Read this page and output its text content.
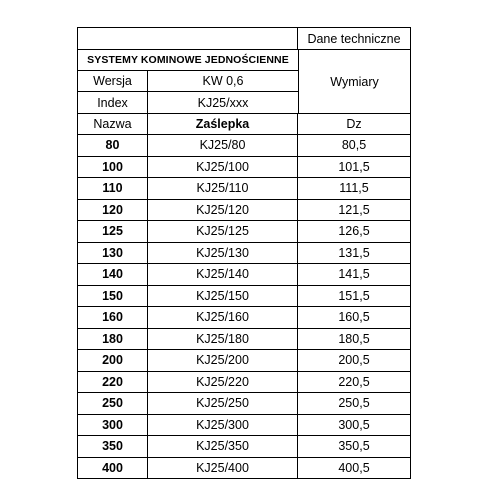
Dane techniczne
SYSTEMY KOMINOWE JEDNOŚCIENNE
Wersja	KW 0,6
Index	KJ25/xxx
Wymiary
Nazwa	Zaślepka	Dz
80	KJ25/80	80,5
100	KJ25/100	101,5
110	KJ25/110	111,5
120	KJ25/120	121,5
125	KJ25/125	126,5
130	KJ25/130	131,5
140	KJ25/140	141,5
150	KJ25/150	151,5
160	KJ25/160	160,5
180	KJ25/180	180,5
200	KJ25/200	200,5
220	KJ25/220	220,5
250	KJ25/250	250,5
300	KJ25/300	300,5
350	KJ25/350	350,5
400	KJ25/400	400,5
